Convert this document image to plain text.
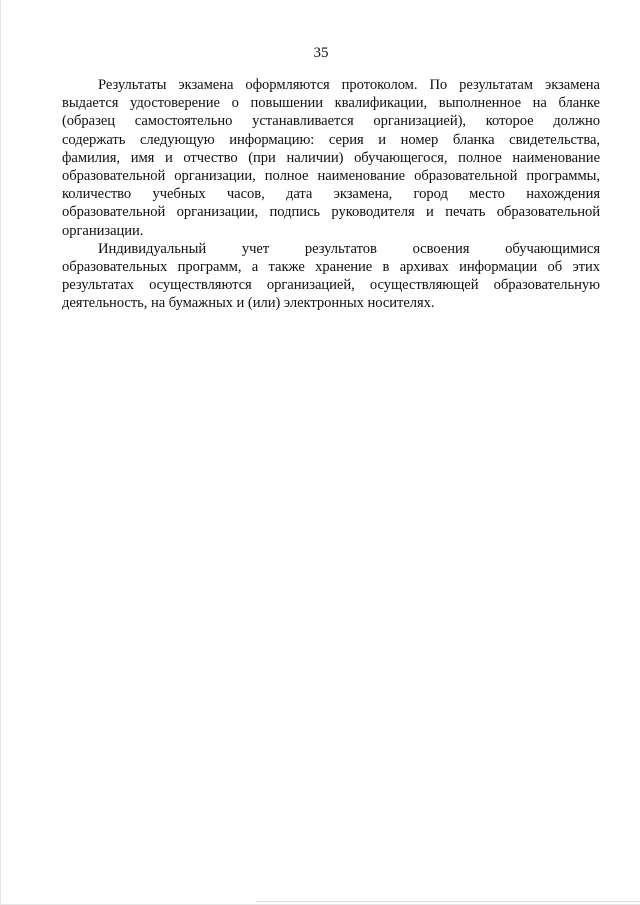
35

Результаты экзамена оформляются протоколом. По результатам экзамена
выдается удостоверение о повышении квалификации, выполненное на бланке
(образец самостоятельно устанавливается организацией), которое должно
содержать следующую информацию: серия и номер бланка свидетельства,
фамилия, имя и отчество (при наличии) обучающегося, полное наименование
образовательной организации, полное наименование образовательной программы,
количество учебных часов, дата экзамена, город место нахождения
образовательной организации, подпись руководителя и печать образовательной
организации.

Индивидуальный учет результатов освоения обучающимися
образовательных программ, а также хранение в архивах информации об этих
результатах осуществляются организацией, осуществляющей образовательную
деятельность, на бумажных и (или) электронных носителях.
